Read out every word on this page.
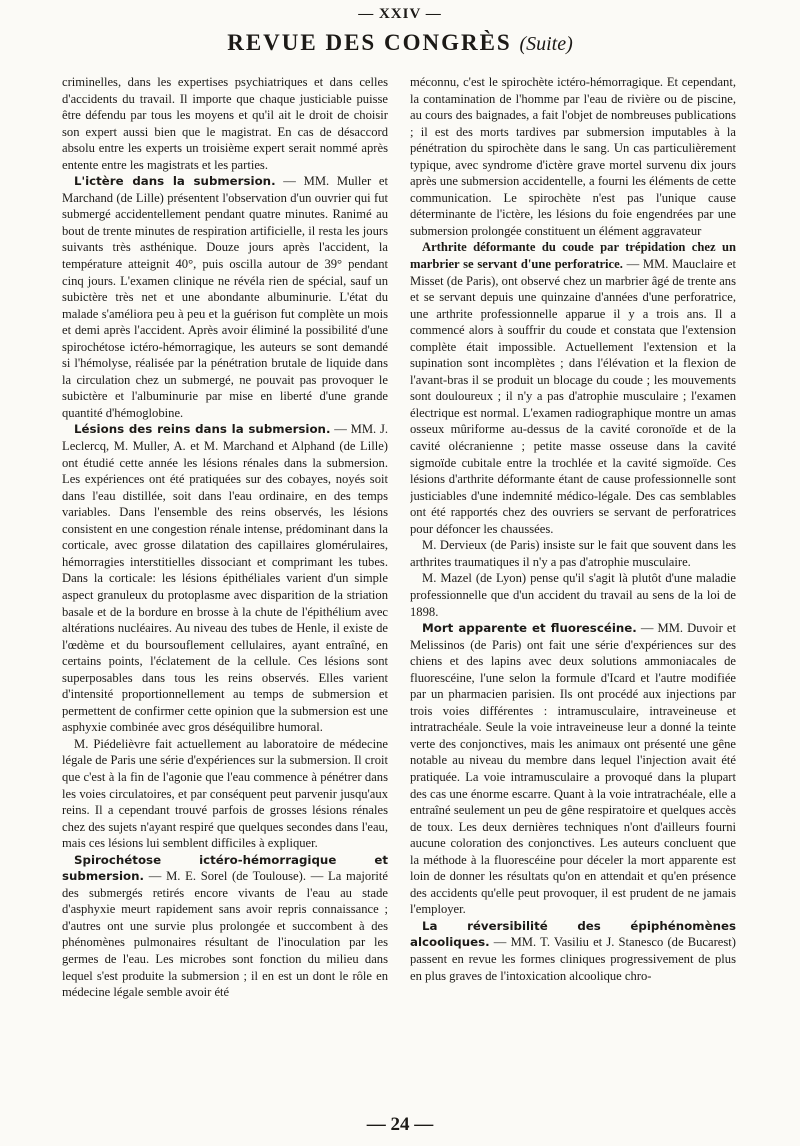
— XXIV —
REVUE DES CONGRÈS (Suite)

criminelles, dans les expertises psychiatriques et dans celles d'accidents du travail. Il importe que chaque justiciable puisse être défendu par tous les moyens et qu'il ait le droit de choisir son expert aussi bien que le magistrat. En cas de désaccord absolu entre les experts un troisième expert serait nommé après entente entre les magistrats et les parties.

L'ictère dans la submersion. — MM. Muller et Marchand (de Lille) présentent l'observation d'un ouvrier qui fut submergé accidentellement pendant quatre minutes. Ranimé au bout de trente minutes de respiration artificielle, il resta les jours suivants très asthénique. Douze jours après l'accident, la température atteignit 40°, puis oscilla autour de 39° pendant cinq jours. L'examen clinique ne révéla rien de spécial, sauf un subictère très net et une abondante albuminurie. L'état du malade s'améliora peu à peu et la guérison fut complète un mois et demi après l'accident. Après avoir éliminé la possibilité d'une spirochétose ictéro-hémorragique, les auteurs se sont demandé si l'hémolyse, réalisée par la pénétration brutale de liquide dans la circulation chez un submergé, ne pouvait pas provoquer le subictère et l'albuminurie par mise en liberté d'une grande quantité d'hémoglobine.

Lésions des reins dans la submersion. — MM. J. Leclercq, M. Muller, A. et M. Marchand et Alphand (de Lille) ont étudié cette année les lésions rénales dans la submersion. Les expériences ont été pratiquées sur des cobayes, noyés soit dans l'eau distillée, soit dans l'eau ordinaire, en des temps variables. Dans l'ensemble des reins observés, les lésions consistent en une congestion rénale intense, prédominant dans la corticale, avec grosse dilatation des capillaires glomérulaires, hémorragies interstitielles dissociant et comprimant les tubes. Dans la corticale: les lésions épithéliales varient d'un simple aspect granuleux du protoplasme avec disparition de la striation basale et de la bordure en brosse à la chute de l'épithélium avec altérations nucléaires. Au niveau des tubes de Henle, il existe de l'œdème et du boursouflement cellulaires, ayant entraîné, en certains points, l'éclatement de la cellule. Ces lésions sont superposables dans tous les reins observés. Elles varient d'intensité proportionnellement au temps de submersion et permettent de confirmer cette opinion que la submersion est une asphyxie combinée avec gros déséquilibre humoral.

M. Piédelièvre fait actuellement au laboratoire de médecine légale de Paris une série d'expériences sur la submersion. Il croit que c'est à la fin de l'agonie que l'eau commence à pénétrer dans les voies circulatoires, et par conséquent peut parvenir jusqu'aux reins. Il a cependant trouvé parfois de grosses lésions rénales chez des sujets n'ayant respiré que quelques secondes dans l'eau, mais ces lésions lui semblent difficiles à expliquer.

Spirochétose ictéro-hémorragique et submersion. — M. E. Sorel (de Toulouse). — La majorité des submergés retirés encore vivants de l'eau au stade d'asphyxie meurt rapidement sans avoir repris connaissance ; d'autres ont une survie plus prolongée et succombent à des phénomènes pulmonaires résultant de l'inoculation par les germes de l'eau. Les microbes sont fonction du milieu dans lequel s'est produite la submersion ; il en est un dont le rôle en médecine légale semble avoir été

méconnu, c'est le spirochète ictéro-hémorragique. Et cependant, la contamination de l'homme par l'eau de rivière ou de piscine, au cours des baignades, a fait l'objet de nombreuses publications ; il est des morts tardives par submersion imputables à la pénétration du spirochète dans le sang. Un cas particulièrement typique, avec syndrome d'ictère grave mortel survenu dix jours après une submersion accidentelle, a fourni les éléments de cette communication. Le spirochète n'est pas l'unique cause déterminante de l'ictère, les lésions du foie engendrées par une submersion prolongée constituent un élément aggravateur

Arthrite déformante du coude par trépidation chez un marbrier se servant d'une perforatrice. — MM. Mauclaire et Misset (de Paris), ont observé chez un marbrier âgé de trente ans et se servant depuis une quinzaine d'années d'une perforatrice, une arthrite professionnelle apparue il y a trois ans. Il a commencé alors à souffrir du coude et constata que l'extension complète était impossible. Actuellement l'extension et la supination sont incomplètes ; dans l'élévation et la flexion de l'avant-bras il se produit un blocage du coude ; les mouvements sont douloureux ; il n'y a pas d'atrophie musculaire ; l'examen électrique est normal. L'examen radiographique montre un amas osseux mûriforme au-dessus de la cavité coronoïde et de la cavité olécranienne ; petite masse osseuse dans la cavité sigmoïde cubitale entre la trochlée et la cavité sigmoïde. Ces lésions d'arthrite déformante étant de cause professionnelle sont justiciables d'une indemnité médico-légale. Des cas semblables ont été rapportés chez des ouvriers se servant de perforatrices pour défoncer les chaussées.

M. Dervieux (de Paris) insiste sur le fait que souvent dans les arthrites traumatiques il n'y a pas d'atrophie musculaire.

M. Mazel (de Lyon) pense qu'il s'agit là plutôt d'une maladie professionnelle que d'un accident du travail au sens de la loi de 1898.

Mort apparente et fluorescéine. — MM. Duvoir et Melissinos (de Paris) ont fait une série d'expériences sur des chiens et des lapins avec deux solutions ammoniacales de fluorescéine, l'une selon la formule d'Icard et l'autre modifiée par un pharmacien parisien. Ils ont procédé aux injections par trois voies différentes : intramusculaire, intraveineuse et intratrachéale. Seule la voie intraveineuse leur a donné la teinte verte des conjonctives, mais les animaux ont présenté une gêne notable au niveau du membre dans lequel l'injection avait été pratiquée. La voie intramusculaire a provoqué dans la plupart des cas une énorme escarre. Quant à la voie intratrachéale, elle a entraîné seulement un peu de gêne respiratoire et quelques accès de toux. Les deux dernières techniques n'ont d'ailleurs fourni aucune coloration des conjonctives. Les auteurs concluent que la méthode à la fluorescéine pour déceler la mort apparente est loin de donner les résultats qu'on en attendait et qu'en présence des accidents qu'elle peut provoquer, il est prudent de ne jamais l'employer.

La réversibilité des épiphénomènes alcooliques. — MM. T. Vasiliu et J. Stanesco (de Bucarest) passent en revue les formes cliniques progressivement de plus en plus graves de l'intoxication alcoolique chro-

— 24 —
